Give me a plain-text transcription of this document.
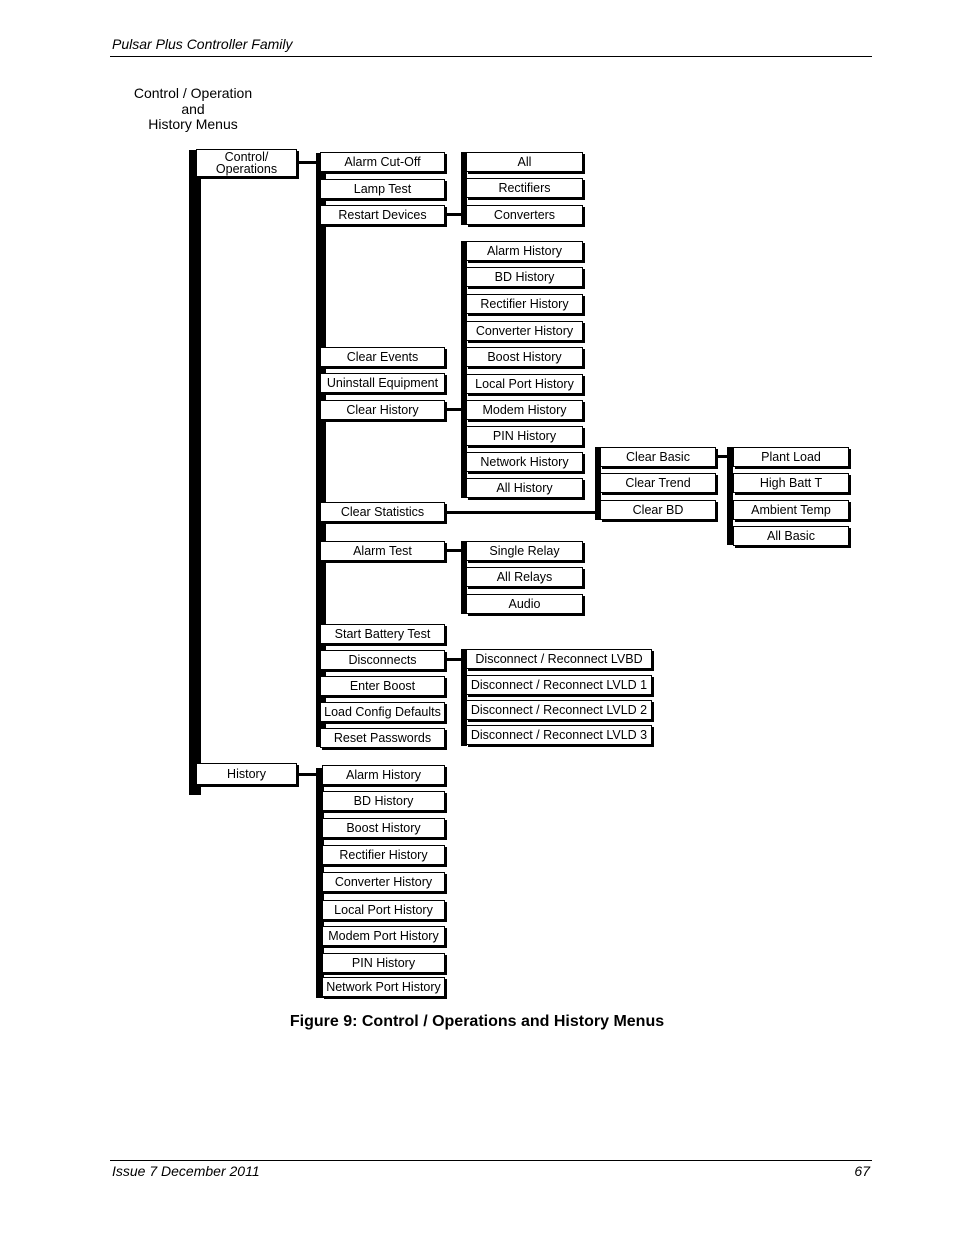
Pulsar Plus Controller Family
Control / Operation
and
History Menus
Control/
Operations
History
Alarm Cut-Off
Lamp Test
Restart Devices
Clear Events
Uninstall Equipment
Clear History
Clear Statistics
Alarm Test
Start Battery Test
Disconnects
Enter Boost
Load Config Defaults
Reset Passwords
All
Rectifiers
Converters
Alarm History
BD History
Rectifier History
Converter History
Boost History
Local Port History
Modem History
PIN History
Network History
All History
Clear Basic
Clear Trend
Clear BD
Plant Load
High Batt T
Ambient Temp
All Basic
Single Relay
All Relays
Audio
Disconnect / Reconnect LVBD
Disconnect / Reconnect LVLD 1
Disconnect / Reconnect LVLD 2
Disconnect / Reconnect LVLD 3
Alarm History
BD History
Boost History
Rectifier History
Converter History
Local Port History
Modem Port History
PIN History
Network Port History
Figure 9: Control / Operations and History Menus
Issue 7 December 2011	67
